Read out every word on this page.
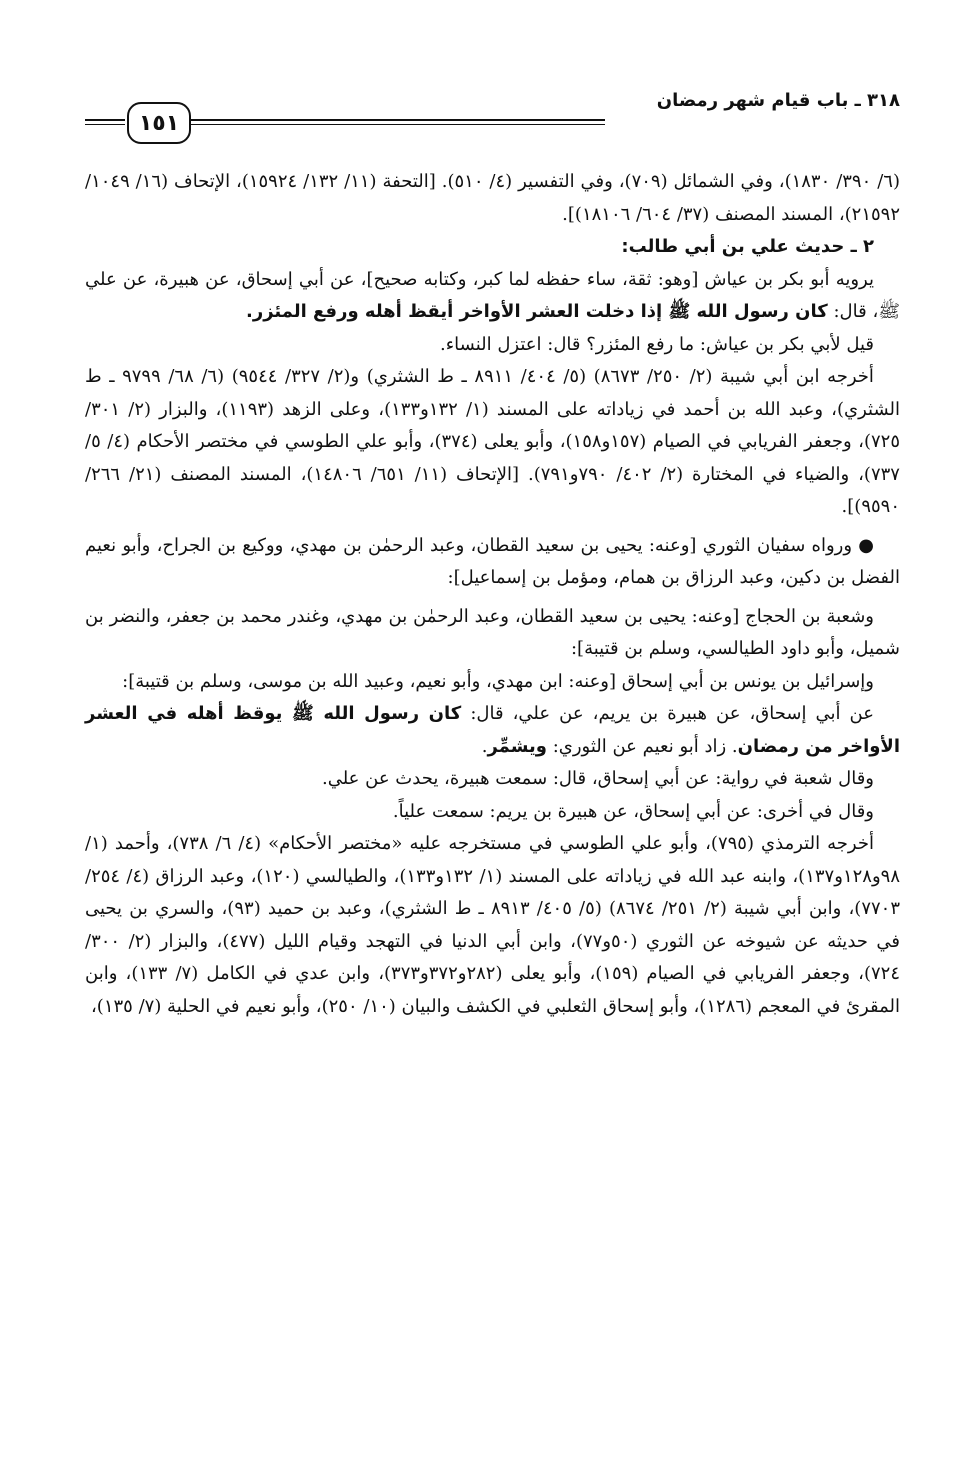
٣١٨ ـ باب قيام شهر رمضان
١٥١

(٦/ ٣٩٠/ ١٨٣٠)، وفي الشمائل (٧٠٩)، وفي التفسير (٤/ ٥١٠). [التحفة (١١/ ١٣٢/ ١٥٩٢٤)، الإتحاف (١٦/ ١٠٤٩/ ٢١٥٩٢)، المسند المصنف (٣٧/ ٦٠٤/ ١٨١٠٦)].

٢ ـ حديث علي بن أبي طالب:

يرويه أبو بكر بن عياش [وهو: ثقة، ساء حفظه لما كبر، وكتابه صحيح]، عن أبي إسحاق، عن هبيرة، عن علي ﷺ، قال: كان رسول الله ﷺ إذا دخلت العشر الأواخر أيقظ أهله ورفع المئزر.

قيل لأبي بكر بن عياش: ما رفع المئزر؟ قال: اعتزل النساء.

أخرجه ابن أبي شيبة (٢/ ٢٥٠/ ٨٦٧٣) (٥/ ٤٠٤/ ٨٩١١ ـ ط الشثري) و(٢/ ٣٢٧/ ٩٥٤٤) (٦/ ٦٨/ ٩٧٩٩ ـ ط الشثري)، وعبد الله بن أحمد في زياداته على المسند (١/ ١٣٢و١٣٣)، وعلى الزهد (١١٩٣)، والبزار (٢/ ٣٠١/ ٧٢٥)، وجعفر الفريابي في الصيام (١٥٧و١٥٨)، وأبو يعلى (٣٧٤)، وأبو علي الطوسي في مختصر الأحكام (٤/ ٥/ ٧٣٧)، والضياء في المختارة (٢/ ٤٠٢/ ٧٩٠و٧٩١). [الإتحاف (١١/ ٦٥١/ ١٤٨٠٦)، المسند المصنف (٢١/ ٢٦٦/ ٩٥٩٠)].

● ورواه سفيان الثوري [وعنه: يحيى بن سعيد القطان، وعبد الرحمٰن بن مهدي، ووكيع بن الجراح، وأبو نعيم الفضل بن دكين، وعبد الرزاق بن همام، ومؤمل بن إسماعيل]:

وشعبة بن الحجاج [وعنه: يحيى بن سعيد القطان، وعبد الرحمٰن بن مهدي، وغندر محمد بن جعفر، والنضر بن شميل، وأبو داود الطيالسي، وسلم بن قتيبة]:

وإسرائيل بن يونس بن أبي إسحاق [وعنه: ابن مهدي، وأبو نعيم، وعبيد الله بن موسى، وسلم بن قتيبة]:

عن أبي إسحاق، عن هبيرة بن يريم، عن علي، قال: كان رسول الله ﷺ يوقظ أهله في العشر الأواخر من رمضان. زاد أبو نعيم عن الثوري: ويشمِّر.

وقال شعبة في رواية: عن أبي إسحاق، قال: سمعت هبيرة، يحدث عن علي.

وقال في أخرى: عن أبي إسحاق، عن هبيرة بن يريم: سمعت علياً.

أخرجه الترمذي (٧٩٥)، وأبو علي الطوسي في مستخرجه عليه «مختصر الأحكام» (٤/ ٦/ ٧٣٨)، وأحمد (١/ ٩٨و١٢٨و١٣٧)، وابنه عبد الله في زياداته على المسند (١/ ١٣٢و١٣٣)، والطيالسي (١٢٠)، وعبد الرزاق (٤/ ٢٥٤/ ٧٧٠٣)، وابن أبي شيبة (٢/ ٢٥١/ ٨٦٧٤) (٥/ ٤٠٥/ ٨٩١٣ ـ ط الشثري)، وعبد بن حميد (٩٣)، والسري بن يحيى في حديثه عن شيوخه عن الثوري (٥٠و٧٧)، وابن أبي الدنيا في التهجد وقيام الليل (٤٧٧)، والبزار (٢/ ٣٠٠/ ٧٢٤)، وجعفر الفريابي في الصيام (١٥٩)، وأبو يعلى (٢٨٢و٣٧٢و٣٧٣)، وابن عدي في الكامل (٧/ ١٣٣)، وابن المقرئ في المعجم (١٢٨٦)، وأبو إسحاق الثعلبي في الكشف والبيان (١٠/ ٢٥٠)، وأبو نعيم في الحلية (٧/ ١٣٥)،
